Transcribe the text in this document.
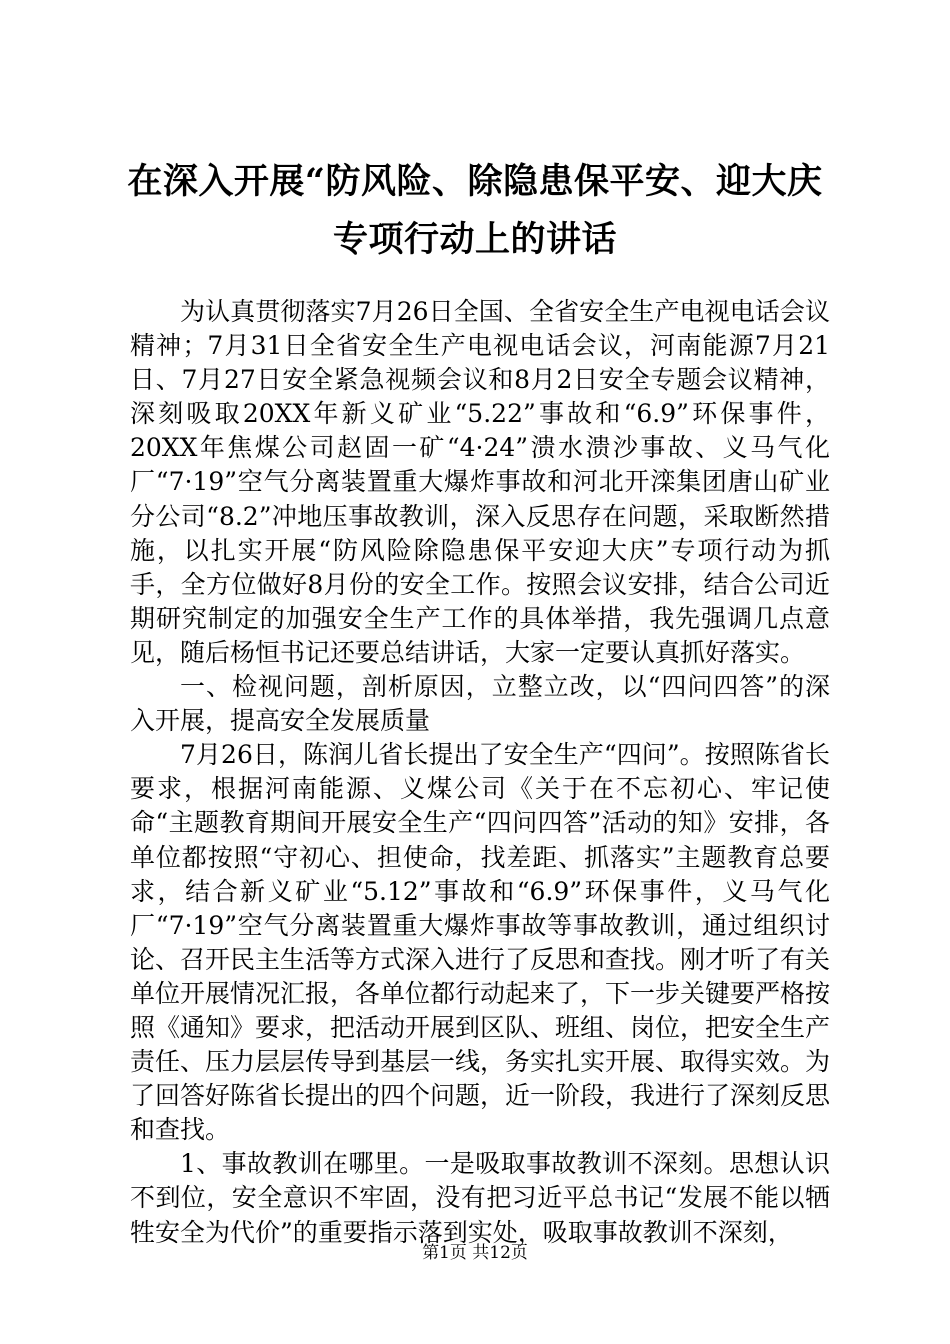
在深入开展“防风险、除隐患保平安、迎大庆
专项行动上的讲话

为认真贯彻落实7月26日全国、全省安全生产电视电话会议精神；7月31日全省安全生产电视电话会议，河南能源7月21日、7月27日安全紧急视频会议和8月2日安全专题会议精神，深刻吸取20XX年新义矿业“5.22”事故和“6.9”环保事件，20XX年焦煤公司赵固一矿“4·24”溃水溃沙事故、义马气化厂“7·19”空气分离装置重大爆炸事故和河北开滦集团唐山矿业分公司“8.2”冲地压事故教训，深入反思存在问题，采取断然措施，以扎实开展“防风险除隐患保平安迎大庆”专项行动为抓手，全方位做好8月份的安全工作。按照会议安排，结合公司近期研究制定的加强安全生产工作的具体举措，我先强调几点意见，随后杨恒书记还要总结讲话，大家一定要认真抓好落实。

一、检视问题，剖析原因，立整立改，以“四问四答”的深入开展，提高安全发展质量

7月26日，陈润儿省长提出了安全生产“四问”。按照陈省长要求，根据河南能源、义煤公司《关于在不忘初心、牢记使命“主题教育期间开展安全生产“四问四答”活动的知》安排，各单位都按照“守初心、担使命，找差距、抓落实”主题教育总要求，结合新义矿业“5.12”事故和“6.9”环保事件，义马气化厂“7·19”空气分离装置重大爆炸事故等事故教训，通过组织讨论、召开民主生活等方式深入进行了反思和查找。刚才听了有关单位开展情况汇报，各单位都行动起来了，下一步关键要严格按照《通知》要求，把活动开展到区队、班组、岗位，把安全生产责任、压力层层传导到基层一线，务实扎实开展、取得实效。为了回答好陈省长提出的四个问题，近一阶段，我进行了深刻反思和查找。

1、事故教训在哪里。一是吸取事故教训不深刻。思想认识不到位，安全意识不牢固，没有把习近平总书记“发展不能以牺牲安全为代价”的重要指示落到实处，吸取事故教训不深刻，

第1页 共12页
